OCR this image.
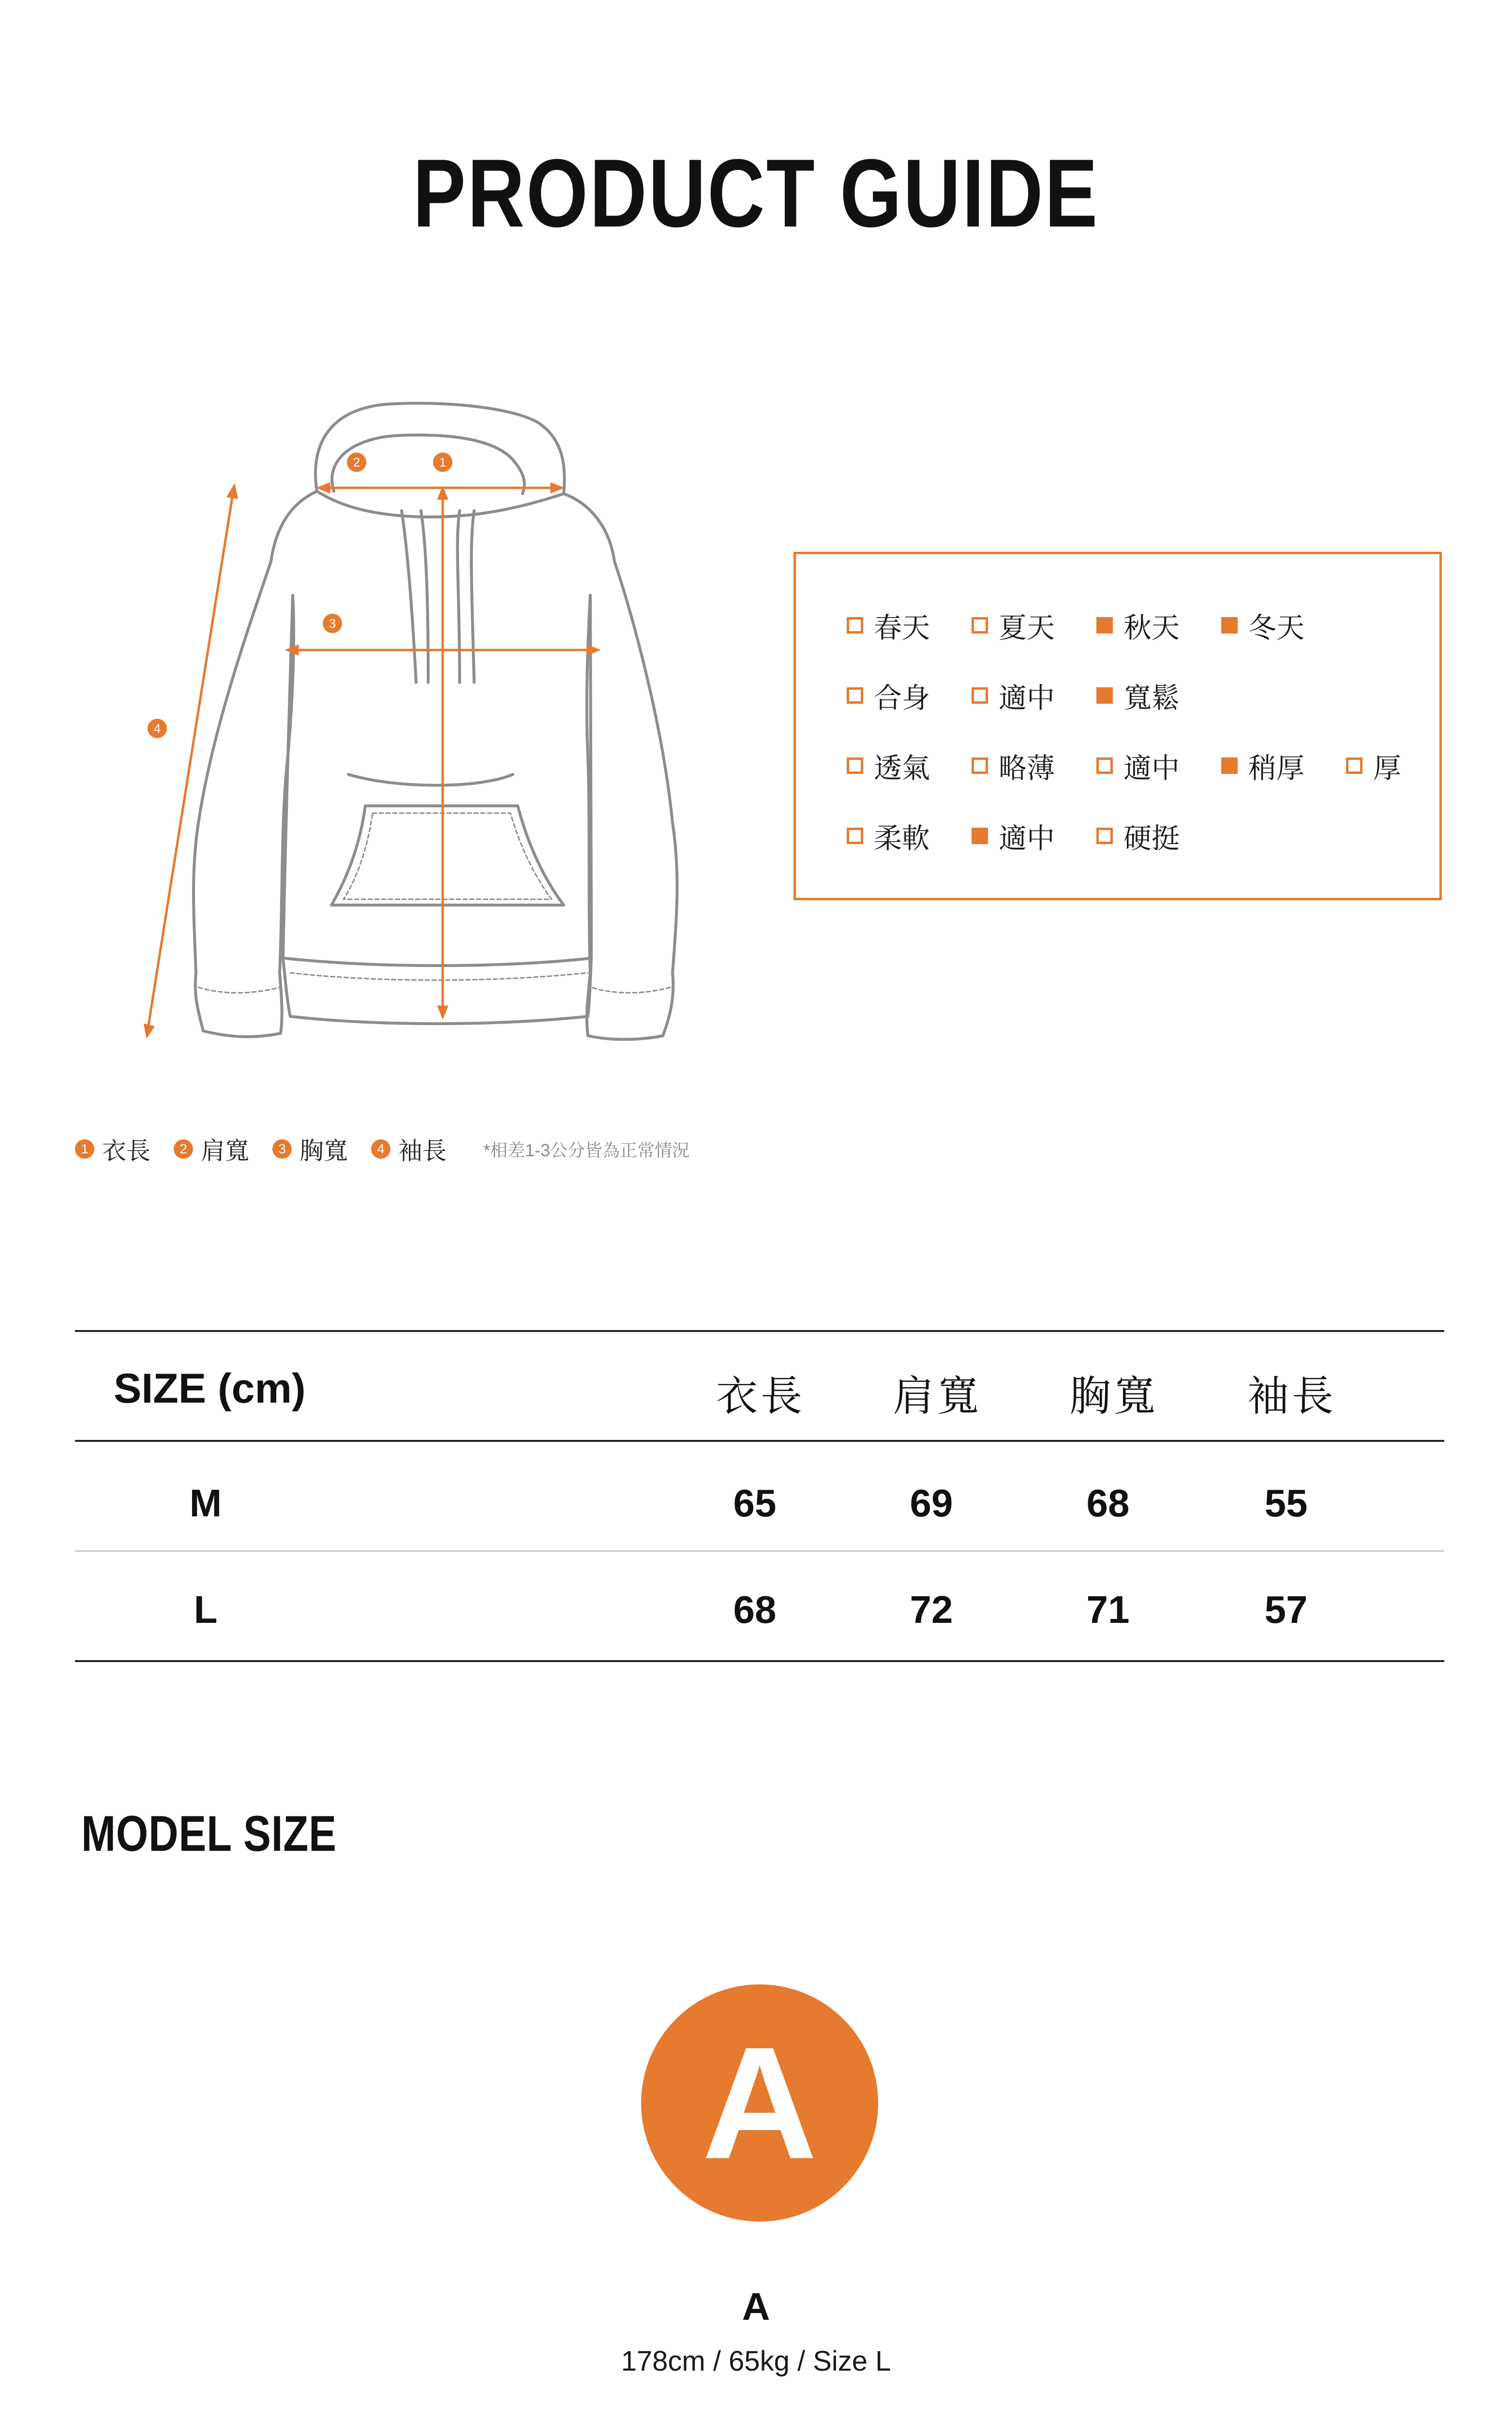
PRODUCT GUIDE
1
2
3
4
春天 夏天 秋天 冬天
合身 適中 寬鬆
透氣 略薄 適中 稍厚 厚
柔軟 適中 硬挺
1 衣長	2 肩寬	3 胸寬	4 袖長 *相差1-3公分皆為正常情況
SIZE (cm)	衣長 肩寬 胸寬 袖長
M	65	69	68	55
L	68	72	71	57
MODEL SIZE
A
A
178cm / 65kg / Size L
